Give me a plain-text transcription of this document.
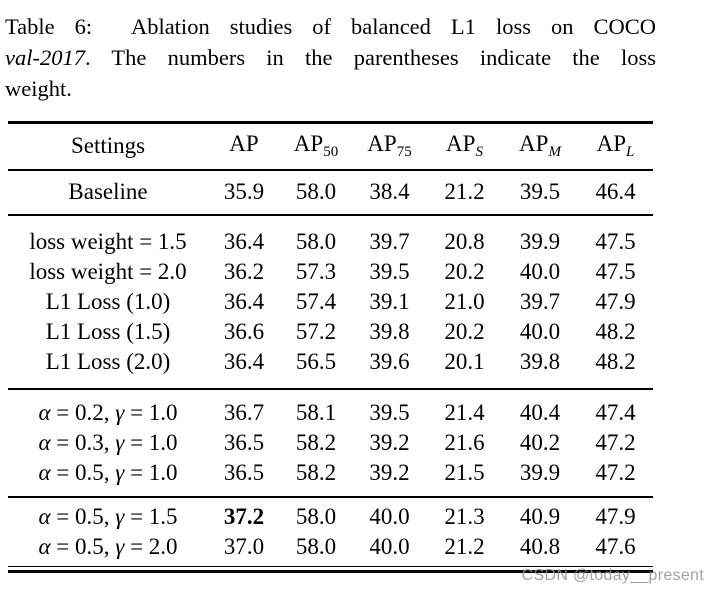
Table 6:  Ablation studies of balanced L1 loss on COCO
val-2017. The numbers in the parentheses indicate the loss
weight.
Settings	AP	$AP_{50}$	$AP_{75}$	$AP_S$	$AP_M$	$AP_L$
Baseline	35.9	58.0	38.4	21.2	39.5	46.4
loss weight = 1.5	36.4	58.0	39.7	20.8	39.9	47.5
loss weight = 2.0	36.2	57.3	39.5	20.2	40.0	47.5
L1 Loss (1.0)	36.4	57.4	39.1	21.0	39.7	47.9
L1 Loss (1.5)	36.6	57.2	39.8	20.2	40.0	48.2
L1 Loss (2.0)	36.4	56.5	39.6	20.1	39.8	48.2
α = 0.2, γ = 1.0	36.7	58.1	39.5	21.4	40.4	47.4
α = 0.3, γ = 1.0	36.5	58.2	39.2	21.6	40.2	47.2
α = 0.5, γ = 1.0	36.5	58.2	39.2	21.5	39.9	47.2
α = 0.5, γ = 1.5	37.2	58.0	40.0	21.3	40.9	47.9
α = 0.5, γ = 2.0	37.0	58.0	40.0	21.2	40.8	47.6
CSDN @today__present
